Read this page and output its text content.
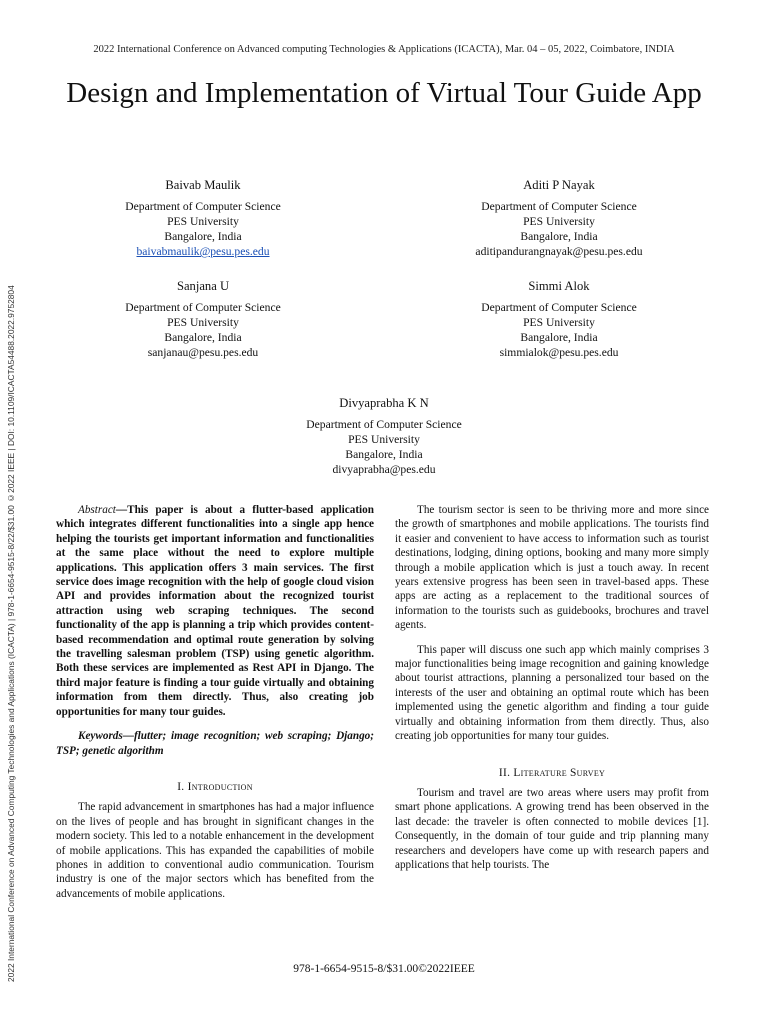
2022 International Conference on Advanced computing Technologies & Applications (ICACTA), Mar. 04 – 05, 2022, Coimbatore, INDIA
2022 International Conference on Advanced Computing Technologies and Applications (ICACTA) | 978-1-6654-9515-8/22/$31.00 ©2022 IEEE | DOI: 10.1109/ICACTA54488.2022.9752804
Design and Implementation of Virtual Tour Guide App
Baivab Maulik
Department of Computer Science
PES University
Bangalore, India
baivabmaulik@pesu.pes.edu
Aditi P Nayak
Department of Computer Science
PES University
Bangalore, India
aditipandurangnayak@pesu.pes.edu
Sanjana U
Department of Computer Science
PES University
Bangalore, India
sanjanau@pesu.pes.edu
Simmi Alok
Department of Computer Science
PES University
Bangalore, India
simmialok@pesu.pes.edu
Divyaprabha K N
Department of Computer Science
PES University
Bangalore, India
divyaprabha@pes.edu

Abstract—This paper is about a flutter-based application which integrates different functionalities into a single app hence helping the tourists get important information and functionalities at the same place without the need to explore multiple applications. This application offers 3 main services. The first service does image recognition with the help of google cloud vision API and provides information about the recognized tourist attraction using web scraping techniques. The second functionality of the app is planning a trip which provides content- based recommendation and optimal route generation by solving the travelling salesman problem (TSP) using genetic algorithm. Both these services are implemented as Rest API in Django. The third major feature is finding a tour guide virtually and obtaining information from them directly. Thus, also creating job opportunities for many tour guides.

Keywords—flutter; image recognition; web scraping; Django; TSP; genetic algorithm

I. Introduction

The rapid advancement in smartphones has had a major influence on the lives of people and has brought in significant changes in the modern society. This led to a notable enhancement in the development of mobile applications. This has expanded the capabilities of mobile phones in addition to conventional audio communication. Tourism industry is one of the major sectors which has benefited from the advancements of mobile applications.

The tourism sector is seen to be thriving more and more since the growth of smartphones and mobile applications. The tourists find it easier and convenient to have access to information such as tourist destinations, lodging, dining options, booking and many more simply through a mobile application which is just a touch away. In recent years extensive progress has been seen in travel-based apps. These apps are acting as a replacement to the traditional sources of information to the tourists such as guidebooks, brochures and travel agents.

This paper will discuss one such app which mainly comprises 3 major functionalities being image recognition and gaining knowledge about tourist attractions, planning a personalized tour based on the interests of the user and obtaining an optimal route which has been implemented using the genetic algorithm and finding a tour guide virtually and obtaining information from them directly. Thus, also creating job opportunities for many tour guides.

II. Literature Survey

Tourism and travel are two areas where users may profit from smart phone applications. A growing trend has been observed in the last decade: the traveler is often connected to mobile devices [1]. Consequently, in the domain of tour guide and trip planning many researchers and developers have come up with research papers and applications that help tourists. The

978-1-6654-9515-8/$31.00©2022IEEE
